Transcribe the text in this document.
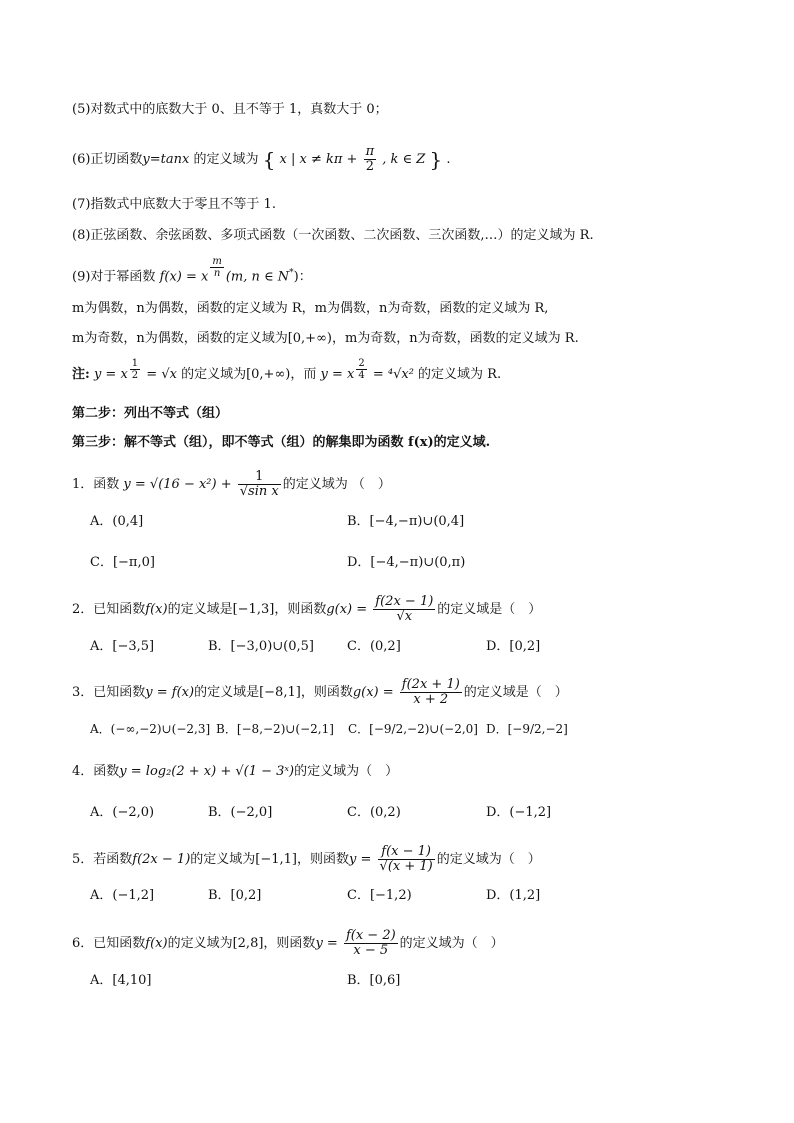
(5)对数式中的底数大于 0、且不等于 1，真数大于 0；
(6)正切函数y=tanx 的定义域为 { x | $x \ne k\pi + \frac{\pi}{2}$ , k ∈ Z } .
(7)指数式中底数大于零且不等于 1.
(8)正弦函数、余弦函数、多项式函数（一次函数、二次函数、三次函数,…）的定义域为 R.
(9)对于幂函数 f(x) = x $\frac{m}{n} (m$, n ∈ N*)：
m为偶数，n为偶数，函数的定义域为 R，m为偶数，n为奇数，函数的定义域为 R,
m为奇数，n为偶数，函数的定义域为[0,+∞)，m为奇数，n为奇数，函数的定义域为 R.
注: y = x $\frac{1}{2} = √x$ 的定义域为[0,+∞)，而 y = x $\frac{2}{4} = ^4√x^2$ 的定义域为 R.
第二步：列出不等式（组）
第三步：解不等式（组），即不等式（组）的解集即为函数 f(x)的定义域.
1．函数 $y = √(16 - x^2) + \frac{1}{\text{√sin x}}$ 的定义域为 （　）
A．(0,4]	B．[−4,−π)∪(0,4]
C．[−π,0]	D．[−4,−π)∪(0,π)
2．已知函数f(x)的定义域是[−1,3]，则函数$g(x) = \frac{f(2x - 1)}{√x}$ 的定义域是（　）
A．[−3,5]	B．[−3,0)∪(0,5]	C．(0,2]	D．[0,2]
3．已知函数y = f(x)的定义域是[−8,1]，则函数$g(x) = \frac{f(2x + 1)}{x + 2}$ 的定义域是（　）
A．(−∞,−2)∪(−2,3] B．[−8,−2)∪(−2,1] C．[−9/2,−2)∪(−2,0] D．[−9/2,−2]
4．函数y = log₂(2 + x) + √(1 − 3ˣ)的定义域为（　）
A．(−2,0)	B．(−2,0]	C．(0,2)	D．(−1,2]
5．若函数f(2x − 1)的定义域为[−1,1]，则函数$y = \frac{f(x - 1)}{√(x + 1)}$ 的定义域为（　）
A．(−1,2]	B．[0,2]	C．[−1,2)	D．(1,2]
6．已知函数f(x)的定义域为[2,8]，则函数$y = \frac{f(x - 2)}{x - 5}$ 的定义域为（　）
A．[4,10]	B．[0,6]
